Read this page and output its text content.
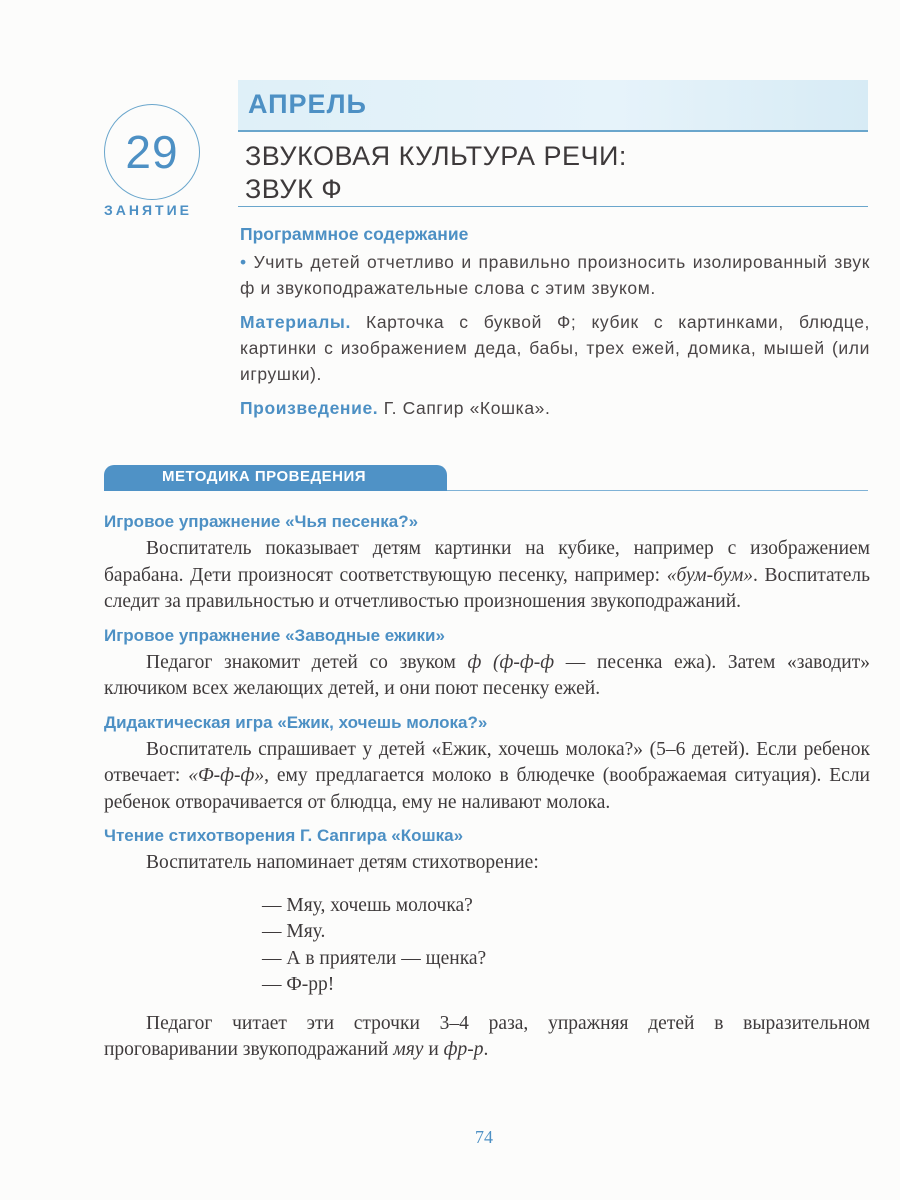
АПРЕЛЬ
29
ЗАНЯТИЕ
ЗВУКОВАЯ КУЛЬТУРА РЕЧИ:
ЗВУК Ф
Программное содержание

• Учить детей отчетливо и правильно произносить изолированный звук ф и звукоподражательные слова с этим звуком.

Материалы. Карточка с буквой Ф; кубик с картинками, блюдце, картинки с изображением деда, бабы, трех ежей, домика, мышей (или игрушки).

Произведение. Г. Сапгир «Кошка».

МЕТОДИКА ПРОВЕДЕНИЯ
Игровое упражнение «Чья песенка?»

Воспитатель показывает детям картинки на кубике, например с изображением барабана. Дети произносят соответствующую песенку, например: «бум-бум». Воспитатель следит за правильностью и отчетливостью произношения звукоподражаний.

Игровое упражнение «Заводные ежики»

Педагог знакомит детей со звуком ф (ф-ф-ф — песенка ежа). Затем «заводит» ключиком всех желающих детей, и они поют песенку ежей.

Дидактическая игра «Ежик, хочешь молока?»

Воспитатель спрашивает у детей «Ежик, хочешь молока?» (5–6 детей). Если ребенок отвечает: «Ф-ф-ф», ему предлагается молоко в блюдечке (воображаемая ситуация). Если ребенок отворачивается от блюдца, ему не наливают молока.

Чтение стихотворения Г. Сапгира «Кошка»

Воспитатель напоминает детям стихотворение:

— Мяу, хочешь молочка?
— Мяу.
— А в приятели — щенка?
— Ф-рр!

Педагог читает эти строчки 3–4 раза, упражняя детей в выразительном проговаривании звукоподражаний мяу и фр-р.

74
